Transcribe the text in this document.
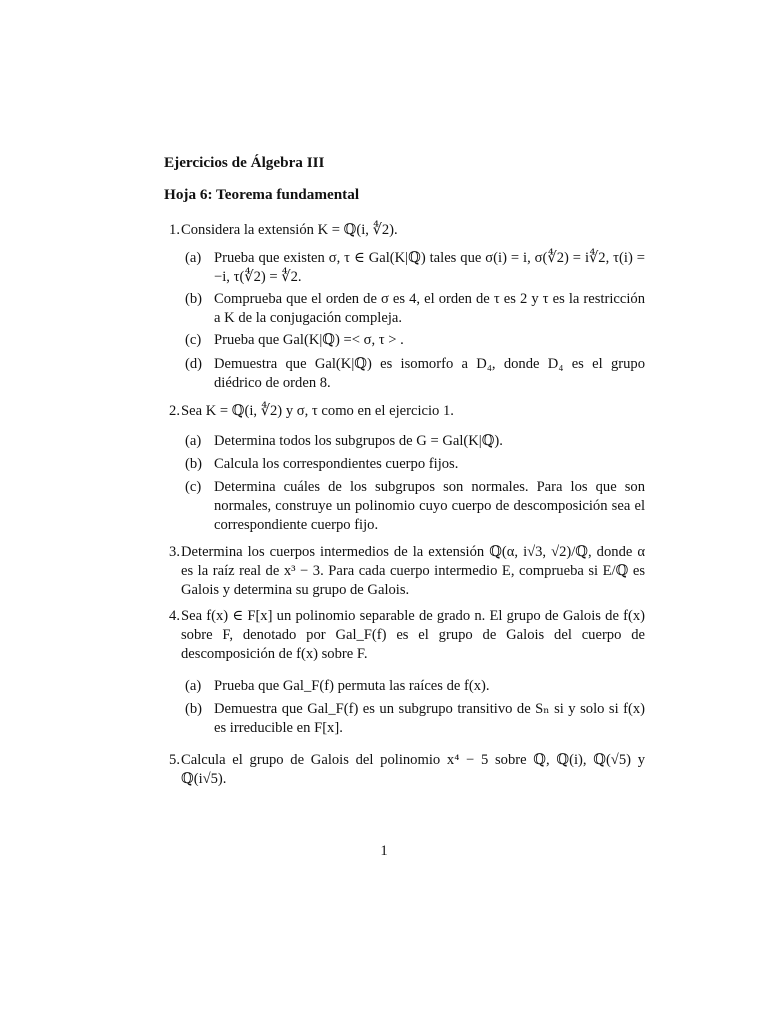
Ejercicios de Álgebra III
Hoja 6: Teorema fundamental
1. Considera la extensión K = ℚ(i, ∜2).
(a) Prueba que existen σ, τ ∈ Gal(K|ℚ) tales que σ(i) = i, σ(∜2) = i∜2, τ(i) = −i, τ(∜2) = ∜2.
(b) Comprueba que el orden de σ es 4, el orden de τ es 2 y τ es la restricción a K de la conjugación compleja.
(c) Prueba que Gal(K|ℚ) =< σ, τ > .
(d) Demuestra que Gal(K|ℚ) es isomorfo a D₄, donde D₄ es el grupo diédrico de orden 8.
2. Sea K = ℚ(i, ∜2) y σ, τ como en el ejercicio 1.
(a) Determina todos los subgrupos de G = Gal(K|ℚ).
(b) Calcula los correspondientes cuerpo fijos.
(c) Determina cuáles de los subgrupos son normales. Para los que son normales, construye un polinomio cuyo cuerpo de descomposición sea el correspondiente cuerpo fijo.
3. Determina los cuerpos intermedios de la extensión ℚ(α, i√3, √2)/ℚ, donde α es la raíz real de x³ − 3. Para cada cuerpo intermedio E, comprueba si E/ℚ es Galois y determina su grupo de Galois.
4. Sea f(x) ∈ F[x] un polinomio separable de grado n. El grupo de Galois de f(x) sobre F, denotado por Gal_F(f) es el grupo de Galois del cuerpo de descomposición de f(x) sobre F.
(a) Prueba que Gal_F(f) permuta las raíces de f(x).
(b) Demuestra que Gal_F(f) es un subgrupo transitivo de Sₙ si y solo si f(x) es irreducible en F[x].
5. Calcula el grupo de Galois del polinomio x⁴ − 5 sobre ℚ, ℚ(i), ℚ(√5) y ℚ(i√5).
1
